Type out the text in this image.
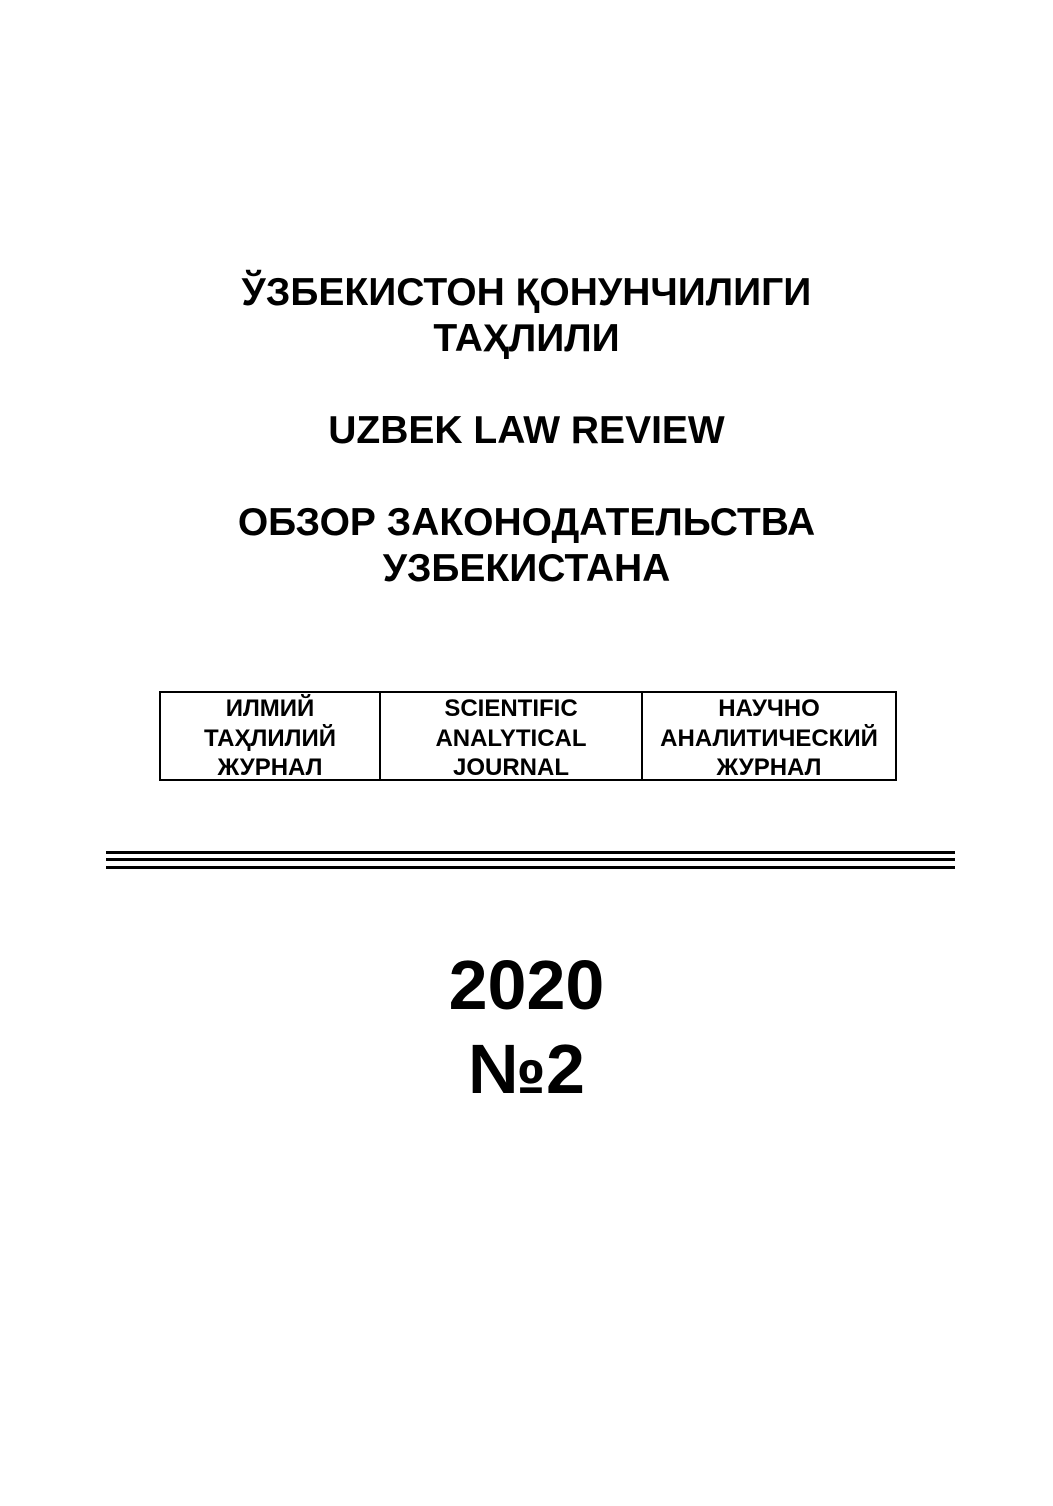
ЎЗБЕКИСТОН ҚОНУНЧИЛИГИ
ТАҲЛИЛИ
UZBEK LAW REVIEW
ОБЗОР ЗАКОНОДАТЕЛЬСТВА
УЗБЕКИСТАНА
ИЛМИЙ
ТАҲЛИЛИЙ
ЖУРНАЛ
SCIENTIFIC
ANALYTICAL
JOURNAL
НАУЧНО
АНАЛИТИЧЕСКИЙ
ЖУРНАЛ
2020
№2
